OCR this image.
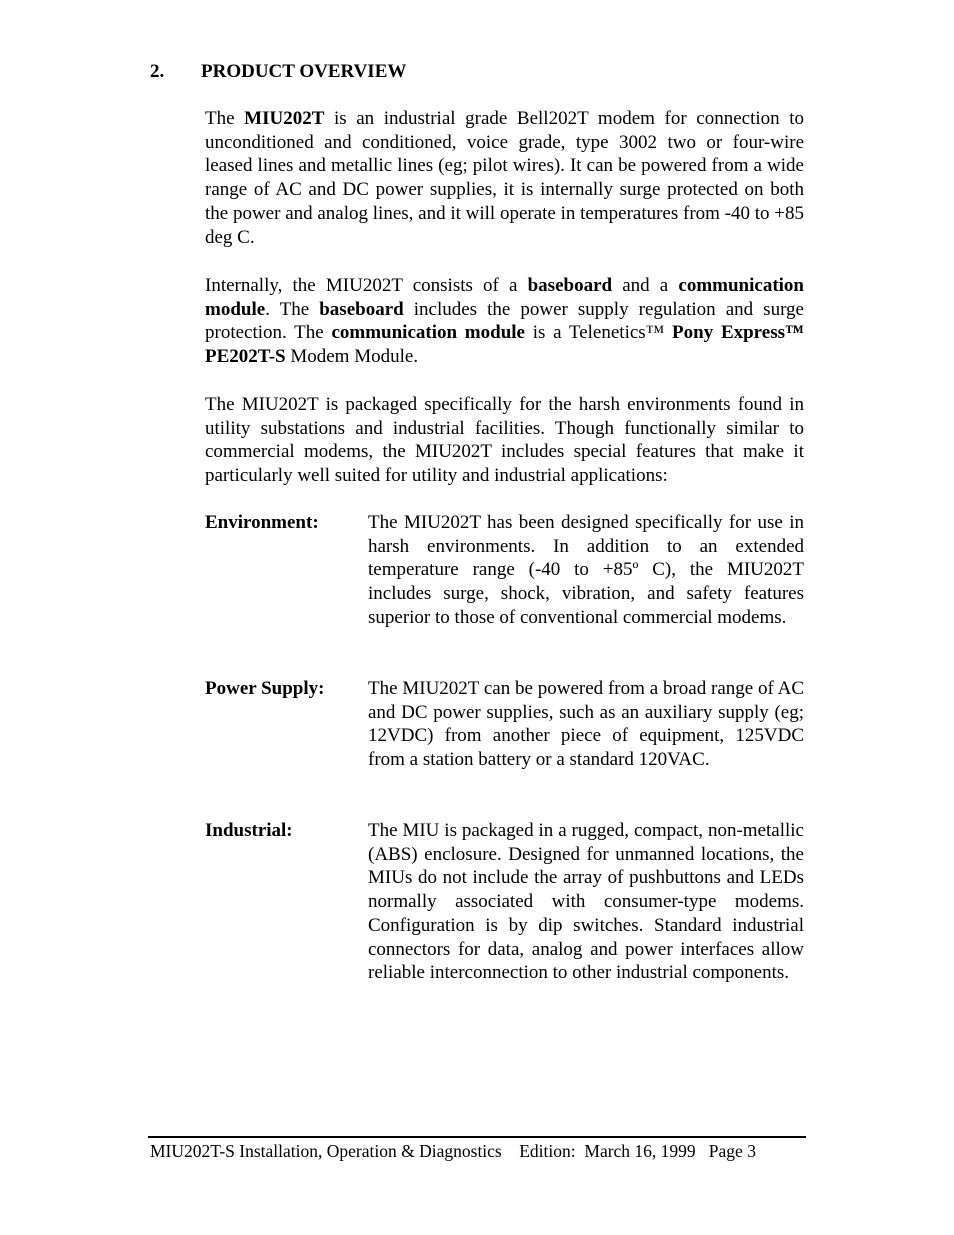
2. PRODUCT OVERVIEW
The MIU202T is an industrial grade Bell202T modem for connection to unconditioned and conditioned, voice grade, type 3002 two or four-wire leased lines and metallic lines (eg; pilot wires). It can be powered from a wide range of AC and DC power supplies, it is internally surge protected on both the power and analog lines, and it will operate in temperatures from -40 to +85 deg C.
Internally, the MIU202T consists of a baseboard and a communication module. The baseboard includes the power supply regulation and surge protection. The communication module is a Telenetics™ Pony Express™ PE202T-S Modem Module.
The MIU202T is packaged specifically for the harsh environments found in utility substations and industrial facilities. Though functionally similar to commercial modems, the MIU202T includes special features that make it particularly well suited for utility and industrial applications:
Environment:	The MIU202T has been designed specifically for use in harsh environments. In addition to an extended temperature range (-40 to +85º C), the MIU202T includes surge, shock, vibration, and safety features superior to those of conventional commercial modems.
Power Supply: The MIU202T can be powered from a broad range of AC and DC power supplies, such as an auxiliary supply (eg; 12VDC) from another piece of equipment, 125VDC from a station battery or a standard 120VAC.
Industrial:	The MIU is packaged in a rugged, compact, non-metallic (ABS) enclosure. Designed for unmanned locations, the MIUs do not include the array of pushbuttons and LEDs normally associated with consumer-type modems. Configuration is by dip switches. Standard industrial connectors for data, analog and power interfaces allow reliable interconnection to other industrial components.
MIU202T-S Installation, Operation & Diagnostics    Edition:  March 16, 1999   Page 3
